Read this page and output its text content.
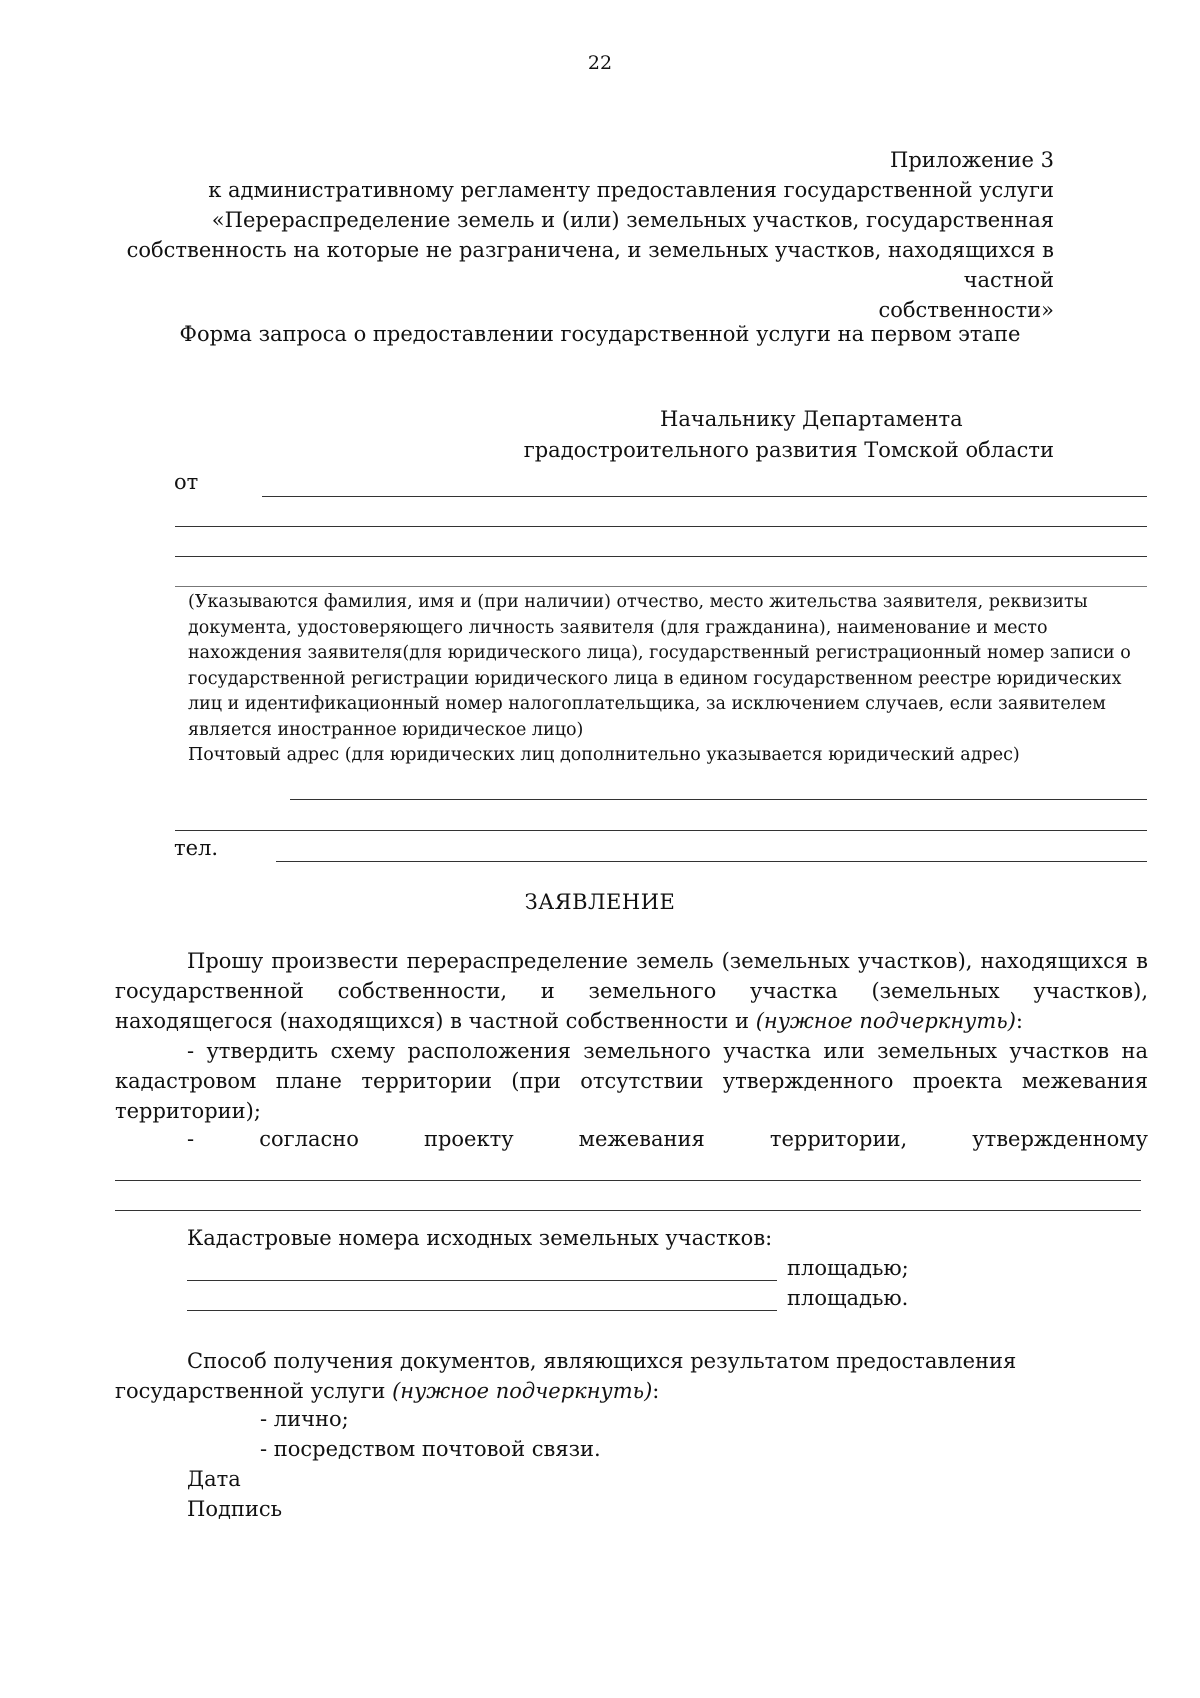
22
Приложение 3
к административному регламенту предоставления государственной услуги
«Перераспределение земель и (или) земельных участков, государственная
собственность на которые не разграничена, и земельных участков, находящихся в частной
собственности»
Форма запроса о предоставлении государственной услуги на первом этапе
Начальнику Департамента
градостроительного развития Томской области
от
(Указываются фамилия, имя и (при наличии) отчество, место жительства заявителя, реквизиты
документа, удостоверяющего личность заявителя (для гражданина), наименование и место
нахождения заявителя(для юридического лица), государственный регистрационный номер записи о
государственной регистрации юридического лица в едином государственном реестре юридических
лиц и идентификационный номер налогоплательщика, за исключением случаев, если заявителем
является иностранное юридическое лицо)
Почтовый адрес (для юридических лиц дополнительно указывается юридический адрес)
тел.
ЗАЯВЛЕНИЕ
Прошу произвести перераспределение земель (земельных участков), находящихся в государственной собственности, и земельного участка (земельных участков), находящегося (находящихся) в частной собственности и (нужное подчеркнуть):
- утвердить схему расположения земельного участка или земельных участков на кадастровом плане территории (при отсутствии утвержденного проекта межевания территории);
-	согласно	проекту	межевания	территории,	утвержденному
Кадастровые номера исходных земельных участков:
площадью;
площадью.
Способ получения документов, являющихся результатом предоставления государственной услуги (нужное подчеркнуть):
- лично;
- посредством почтовой связи.
Дата
Подпись
